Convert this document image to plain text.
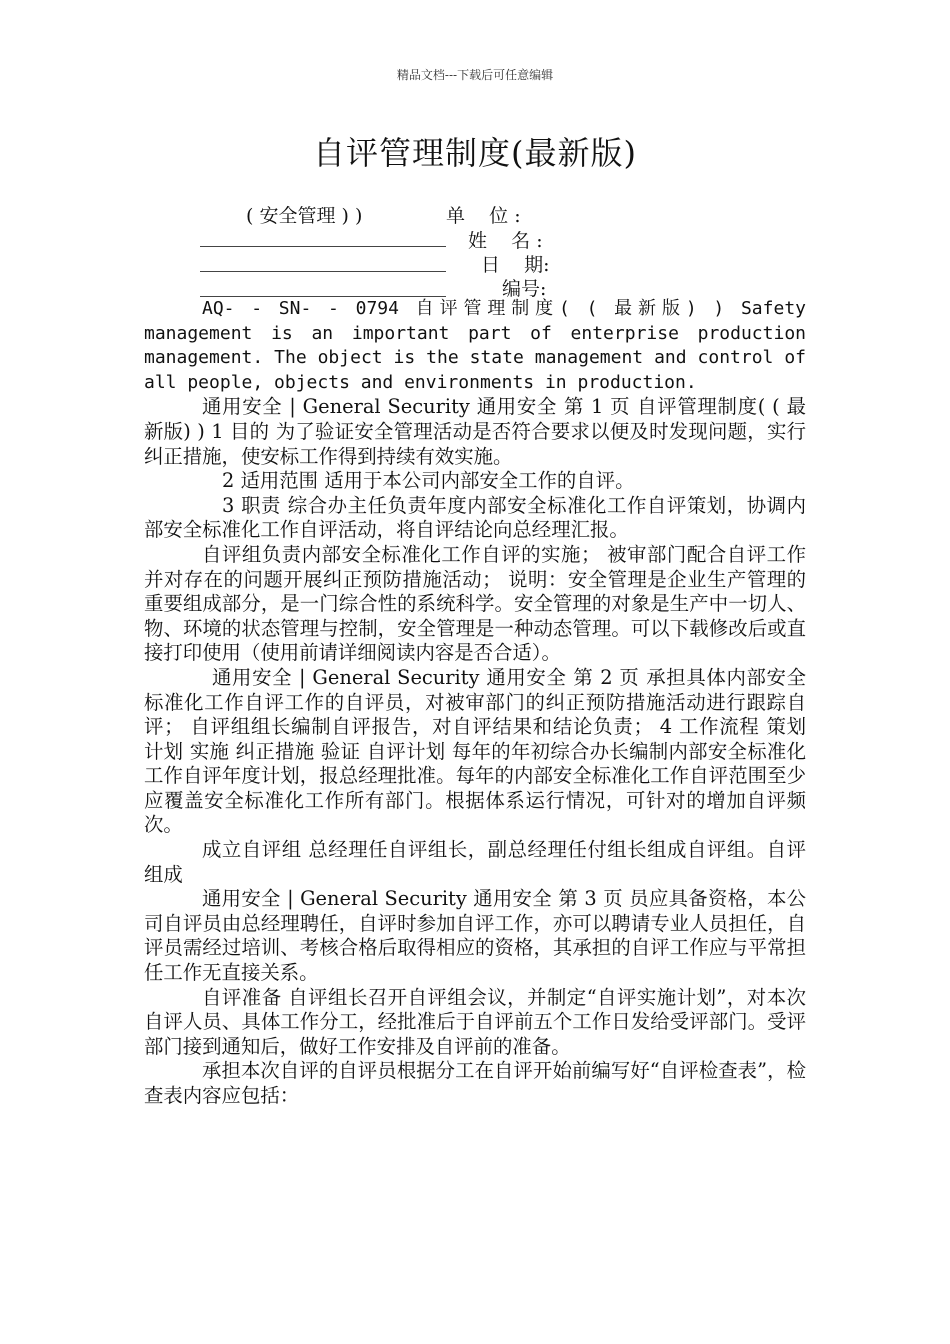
精品文档---下载后可任意编辑
自评管理制度(最新版)
( 安全管理 ) )	单    位 :
姓    名 :
日    期:
编号:

AQ- - SN- - 0794 自评管理制度( ( 最新版) ) Safety management is an important part of enterprise production management. The object is the state management and control of all people, objects and environments in production.

通用安全 | General Security 通用安全 第 1 页 自评管理制度( ( 最新版) ) 1 目的 为了验证安全管理活动是否符合要求以便及时发现问题，实行纠正措施，使安标工作得到持续有效实施。

2 适用范围 适用于本公司内部安全工作的自评。

3 职责 综合办主任负责年度内部安全标准化工作自评策划，协调内部安全标准化工作自评活动，将自评结论向总经理汇报。

自评组负责内部安全标准化工作自评的实施； 被审部门配合自评工作并对存在的问题开展纠正预防措施活动； 说明：安全管理是企业生产管理的重要组成部分，是一门综合性的系统科学。安全管理的对象是生产中一切人、物、环境的状态管理与控制，安全管理是一种动态管理。可以下载修改后或直接打印使用（使用前请详细阅读内容是否合适）。

通用安全 | General Security 通用安全 第 2 页 承担具体内部安全标准化工作自评工作的自评员，对被审部门的纠正预防措施活动进行跟踪自评； 自评组组长编制自评报告，对自评结果和结论负责； 4 工作流程 策划 计划 实施 纠正措施 验证 自评计划 每年的年初综合办长编制内部安全标准化工作自评年度计划，报总经理批准。每年的内部安全标准化工作自评范围至少应覆盖安全标准化工作所有部门。根据体系运行情况，可针对的增加自评频次。

成立自评组 总经理任自评组长，副总经理任付组长组成自评组。自评组成

通用安全 | General Security 通用安全 第 3 页 员应具备资格，本公司自评员由总经理聘任，自评时参加自评工作，亦可以聘请专业人员担任，自评员需经过培训、考核合格后取得相应的资格，其承担的自评工作应与平常担任工作无直接关系。

自评准备 自评组长召开自评组会议，并制定“自评实施计划”，对本次自评人员、具体工作分工，经批准后于自评前五个工作日发给受评部门。受评部门接到通知后，做好工作安排及自评前的准备。

承担本次自评的自评员根据分工在自评开始前编写好“自评检查表”，检查表内容应包括：
